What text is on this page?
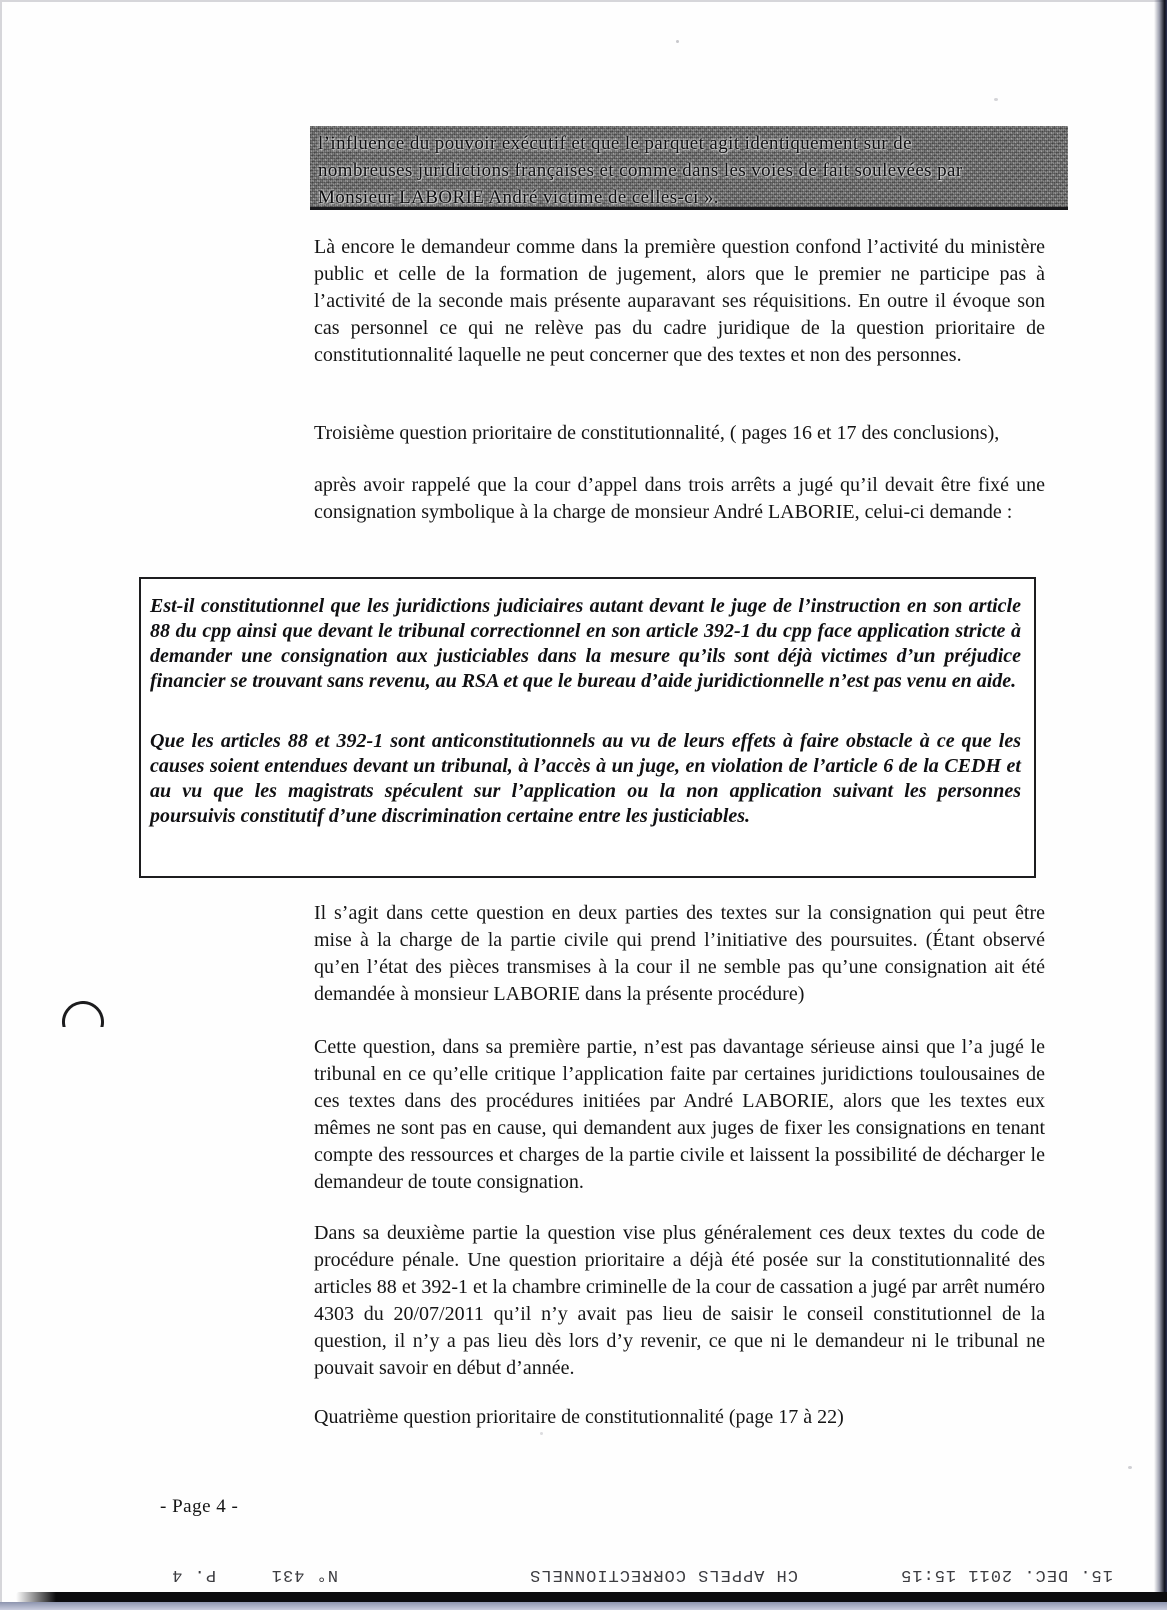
l’influence du pouvoir exécutif et que le parquet agit identiquement sur de
nombreuses juridictions françaises et comme dans les voies de fait soulevées par
Monsieur LABORIE André victime de celles-ci ».

Là encore le demandeur comme dans la première question confond l’activité du ministère public et celle de la formation de jugement, alors que le premier ne participe pas à l’activité de la seconde mais présente auparavant ses réquisitions. En outre il évoque son cas personnel ce qui ne relève pas du cadre juridique de la question prioritaire de constitutionnalité laquelle ne peut concerner que des textes et non des personnes.

Troisième question prioritaire de constitutionnalité, ( pages 16 et 17 des conclusions),

après avoir rappelé que la cour d’appel dans trois arrêts a jugé qu’il devait être fixé une consignation symbolique à la charge de monsieur André LABORIE, celui-ci demande :

Est-il constitutionnel que les juridictions judiciaires autant devant le juge de l’instruction en son article 88 du cpp ainsi que devant le tribunal correctionnel en son article 392-1 du cpp face application stricte à demander une consignation aux justiciables dans la mesure qu’ils sont déjà victimes d’un préjudice financier se trouvant sans revenu, au RSA et que le bureau d’aide juridictionnelle n’est pas venu en aide.

Que les articles 88 et 392-1 sont anticonstitutionnels au vu de leurs effets à faire obstacle à ce que les causes soient entendues devant un tribunal, à l’accès à un juge, en violation de l’article 6 de la CEDH et au vu que les magistrats spéculent sur l’application ou la non application suivant les personnes poursuivis constitutif d’une discrimination certaine entre les justiciables.

Il s’agit dans cette question en deux parties des textes sur la consignation qui peut être mise à la charge de la partie civile qui prend l’initiative des poursuites. (Étant observé qu’en l’état des pièces transmises à la cour il ne semble pas qu’une consignation ait été demandée à monsieur LABORIE dans la présente procédure)

Cette question, dans sa première partie, n’est pas davantage sérieuse ainsi que l’a jugé le tribunal en ce qu’elle critique l’application faite par certaines juridictions toulousaines de ces textes dans des procédures initiées par André LABORIE, alors que les textes eux mêmes ne sont pas en cause, qui demandent aux juges de fixer les consignations en tenant compte des ressources et charges de la partie civile et laissent la possibilité de décharger le demandeur de toute consignation.

Dans sa deuxième partie la question vise plus généralement ces deux textes du code de procédure pénale. Une question prioritaire a déjà été posée sur la constitutionnalité des articles 88 et 392-1 et la chambre criminelle de la cour de cassation a jugé par arrêt numéro 4303 du 20/07/2011 qu’il n’y avait pas lieu de saisir le conseil constitutionnel de la question, il n’y a pas lieu dès lors d’y revenir, ce que ni le demandeur ni le tribunal ne pouvait savoir en début d’année.

Quatrième question prioritaire de constitutionnalité (page 17 à 22)

- Page 4 -
15. DEC. 2011 15:15
CH APPELS CORRECTIONNELS
N° 431
P. 4
